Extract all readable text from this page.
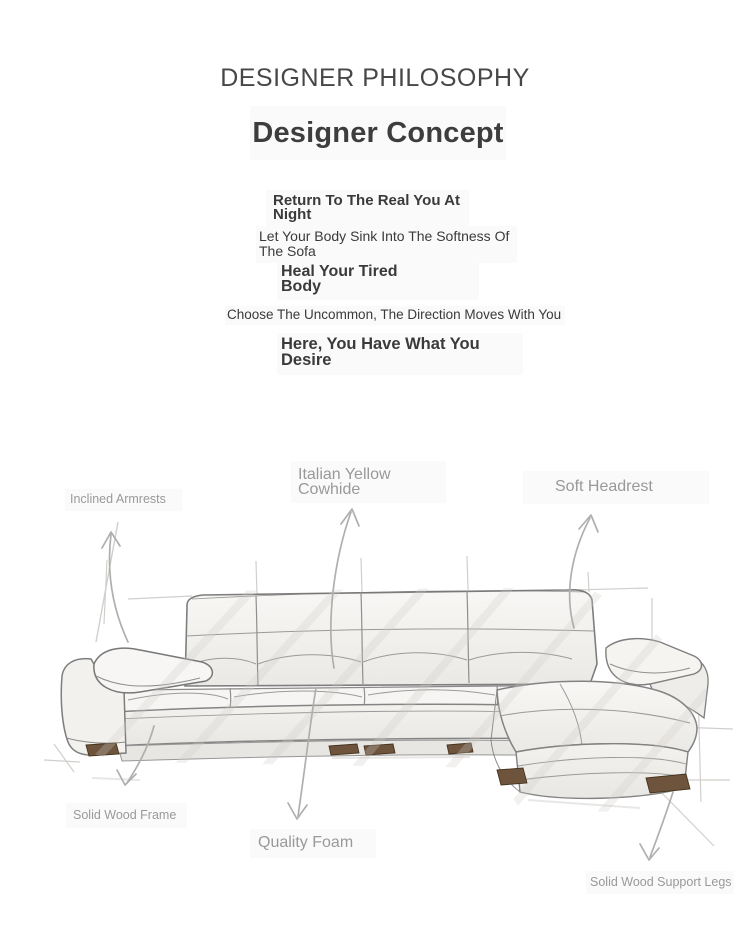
DESIGNER PHILOSOPHY
Designer Concept
Return To The Real You At Night
Let Your Body Sink Into The Softness Of The Sofa
Heal Your Tired Body
Choose The Uncommon, The Direction Moves With You
Here, You Have What You Desire
Inclined Armrests
Italian Yellow Cowhide	Soft Headrest
Solid Wood Frame
Quality Foam
Solid Wood Support Legs
